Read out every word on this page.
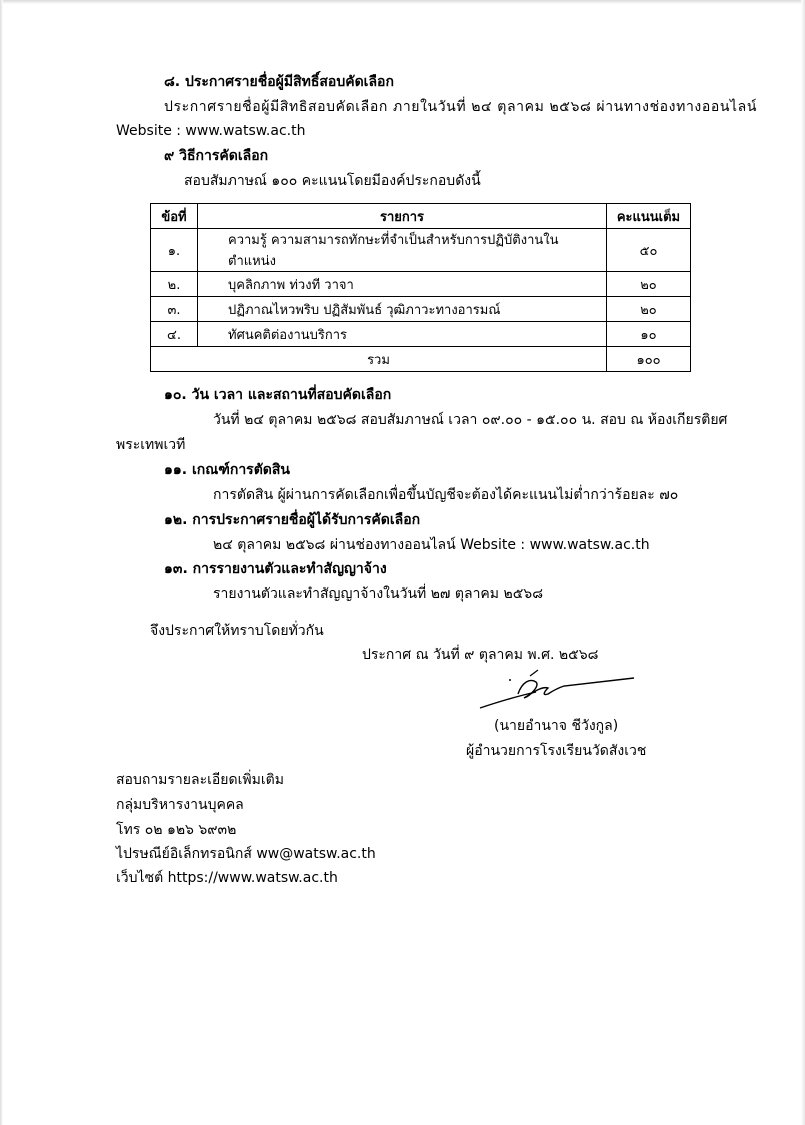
๘. ประกาศรายชื่อผู้มีสิทธิ์สอบคัดเลือก
ประกาศรายชื่อผู้มีสิทธิสอบคัดเลือก ภายในวันที่ ๒๔ ตุลาคม ๒๕๖๘ ผ่านทางช่องทางออนไลน์
Website : www.watsw.ac.th
๙ วิธีการคัดเลือก
สอบสัมภาษณ์ ๑๐๐ คะแนนโดยมีองค์ประกอบดังนี้
ข้อที่	รายการ	คะแนนเต็ม
๑.	ความรู้ ความสามารถทักษะที่จำเป็นสำหรับการปฏิบัติงานในตำแหน่ง	๕๐
๒.	บุคลิกภาพ ท่วงที วาจา	๒๐
๓.	ปฏิภาณไหวพริบ ปฏิสัมพันธ์ วุฒิภาวะทางอารมณ์	๒๐
๔.	ทัศนคติต่องานบริการ	๑๐
รวม		๑๐๐
๑๐. วัน เวลา และสถานที่สอบคัดเลือก
วันที่ ๒๔ ตุลาคม ๒๕๖๘ สอบสัมภาษณ์ เวลา ๐๙.๐๐ - ๑๕.๐๐ น. สอบ ณ ห้องเกียรติยศ
พระเทพเวที
๑๑. เกณฑ์การตัดสิน
การตัดสิน ผู้ผ่านการคัดเลือกเพื่อขึ้นบัญชีจะต้องได้คะแนนไม่ต่ำกว่าร้อยละ ๗๐
๑๒. การประกาศรายชื่อผู้ได้รับการคัดเลือก
๒๔ ตุลาคม ๒๕๖๘ ผ่านช่องทางออนไลน์ Website : www.watsw.ac.th
๑๓. การรายงานตัวและทำสัญญาจ้าง
รายงานตัวและทำสัญญาจ้างในวันที่ ๒๗ ตุลาคม ๒๕๖๘
จึงประกาศให้ทราบโดยทั่วกัน
ประกาศ ณ วันที่ ๙ ตุลาคม พ.ศ. ๒๕๖๘
(นายอำนาจ ชีวังกูล)
ผู้อำนวยการโรงเรียนวัดสังเวช
สอบถามรายละเอียดเพิ่มเติม
กลุ่มบริหารงานบุคคล
โทร ๐๒ ๑๒๖ ๖๙๓๒
ไปรษณีย์อิเล็กทรอนิกส์ ww@watsw.ac.th
เว็บไซต์ https://www.watsw.ac.th
